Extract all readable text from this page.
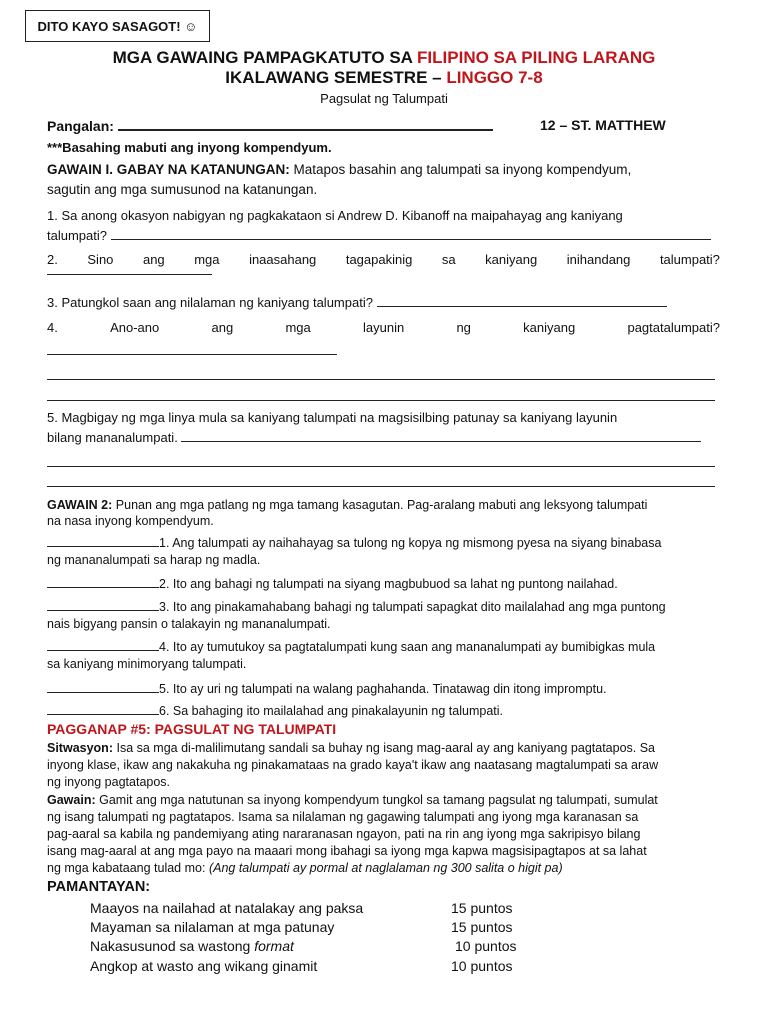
DITO KAYO SASAGOT! ☺
MGA GAWAING PAMPAGKATUTO SA FILIPINO SA PILING LARANG
IKALAWANG SEMESTRE – LINGGO 7-8
Pagsulat ng Talumpati
Pangalan:	12 – ST. MATTHEW
***Basahing mabuti ang inyong kompendyum.
GAWAIN I. GABAY NA KATANUNGAN: Matapos basahin ang talumpati sa inyong kompendyum,
sagutin ang mga sumusunod na katanungan.
1. Sa anong okasyon nabigyan ng pagkakataon si Andrew D. Kibanoff na maipahayag ang kaniyang
talumpati?
2. Sino ang mga inaasahang tagapakinig sa kaniyang inihandang talumpati?
3. Patungkol saan ang nilalaman ng kaniyang talumpati?
4.	Ano-ano	ang	mga	layunin	ng	kaniyang	pagtatalumpati?
5. Magbigay ng mga linya mula sa kaniyang talumpati na magsisilbing patunay sa kaniyang layunin
bilang mananalumpati.
GAWAIN 2: Punan ang mga patlang ng mga tamang kasagutan. Pag-aralang mabuti ang leksyong talumpati
na nasa inyong kompendyum.
1. Ang talumpati ay naihahayag sa tulong ng kopya ng mismong pyesa na siyang binabasa
ng mananalumpati sa harap ng madla.
2. Ito ang bahagi ng talumpati na siyang magbubuod sa lahat ng puntong nailahad.
3. Ito ang pinakamahabang bahagi ng talumpati sapagkat dito mailalahad ang mga puntong
nais bigyang pansin o talakayin ng mananalumpati.
4. Ito ay tumutukoy sa pagtatalumpati kung saan ang mananalumpati ay bumibigkas mula
sa kaniyang minimoryang talumpati.
5. Ito ay uri ng talumpati na walang paghahanda. Tinatawag din itong impromptu.
6. Sa bahaging ito mailalahad ang pinakalayunin ng talumpati.
PAGGANAP #5: PAGSULAT NG TALUMPATI
Sitwasyon: Isa sa mga di-malilimutang sandali sa buhay ng isang mag-aaral ay ang kaniyang pagtatapos. Sa
inyong klase, ikaw ang nakakuha ng pinakamataas na grado kaya't ikaw ang naatasang magtalumpati sa araw
ng inyong pagtatapos.
Gawain: Gamit ang mga natutunan sa inyong kompendyum tungkol sa tamang pagsulat ng talumpati, sumulat
ng isang talumpati ng pagtatapos. Isama sa nilalaman ng gagawing talumpati ang iyong mga karanasan sa
pag-aaral sa kabila ng pandemiyang ating nararanasan ngayon, pati na rin ang iyong mga sakripisyo bilang
isang mag-aaral at ang mga payo na maaari mong ibahagi sa iyong mga kapwa magsisipagtapos at sa lahat
ng mga kabataang tulad mo: (Ang talumpati ay pormal at naglalaman ng 300 salita o higit pa)
PAMANTAYAN:
Maayos na nailahad at natalakay ang paksa	15 puntos
Mayaman sa nilalaman at mga patunay	15 puntos
Nakasusunod sa wastong format	10 puntos
Angkop at wasto ang wikang ginamit	10 puntos
